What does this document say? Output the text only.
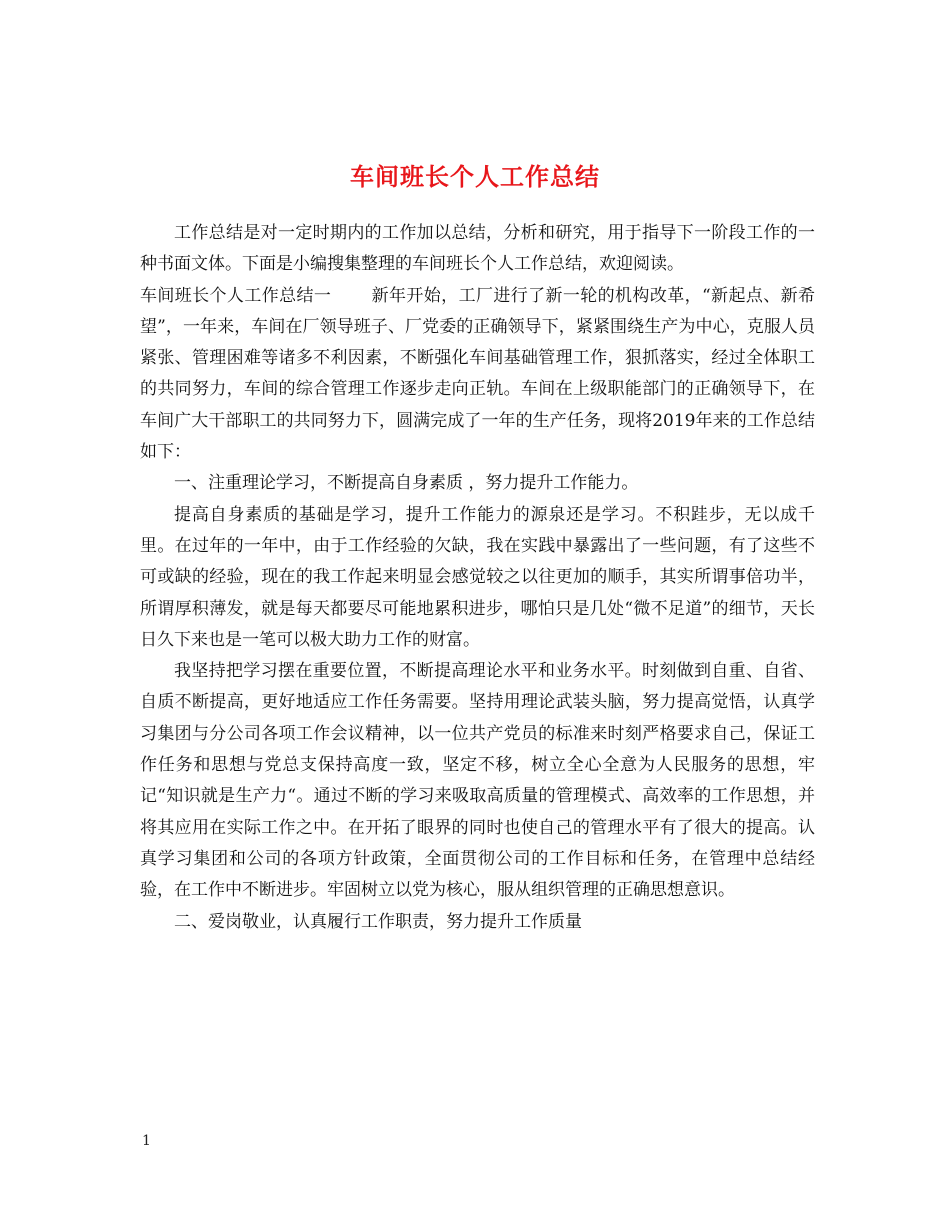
车间班长个人工作总结

工作总结是对一定时期内的工作加以总结，分析和研究，用于指导下一阶段工作的一种书面文体。下面是小编搜集整理的车间班长个人工作总结，欢迎阅读。

车间班长个人工作总结一 新年开始，工厂进行了新一轮的机构改革，“新起点、新希望”，一年来，车间在厂领导班子、厂党委的正确领导下，紧紧围绕生产为中心，克服人员紧张、管理困难等诸多不利因素，不断强化车间基础管理工作，狠抓落实，经过全体职工的共同努力，车间的综合管理工作逐步走向正轨。车间在上级职能部门的正确领导下，在车间广大干部职工的共同努力下，圆满完成了一年的生产任务，现将2019年来的工作总结如下：

一、注重理论学习，不断提高自身素质 ，努力提升工作能力。

提高自身素质的基础是学习，提升工作能力的源泉还是学习。不积跬步，无以成千里。在过年的一年中，由于工作经验的欠缺，我在实践中暴露出了一些问题，有了这些不可或缺的经验，现在的我工作起来明显会感觉较之以往更加的顺手，其实所谓事倍功半，所谓厚积薄发，就是每天都要尽可能地累积进步，哪怕只是几处“微不足道”的细节，天长日久下来也是一笔可以极大助力工作的财富。

我坚持把学习摆在重要位置，不断提高理论水平和业务水平。时刻做到自重、自省、自质不断提高，更好地适应工作任务需要。坚持用理论武装头脑，努力提高觉悟，认真学习集团与分公司各项工作会议精神，以一位共产党员的标准来时刻严格要求自己，保证工作任务和思想与党总支保持高度一致，坚定不移，树立全心全意为人民服务的思想，牢记“知识就是生产力“。通过不断的学习来吸取高质量的管理模式、高效率的工作思想，并将其应用在实际工作之中。在开拓了眼界的同时也使自己的管理水平有了很大的提高。认真学习集团和公司的各项方针政策，全面贯彻公司的工作目标和任务，在管理中总结经验，在工作中不断进步。牢固树立以党为核心，服从组织管理的正确思想意识。

二、爱岗敬业，认真履行工作职责，努力提升工作质量

1
